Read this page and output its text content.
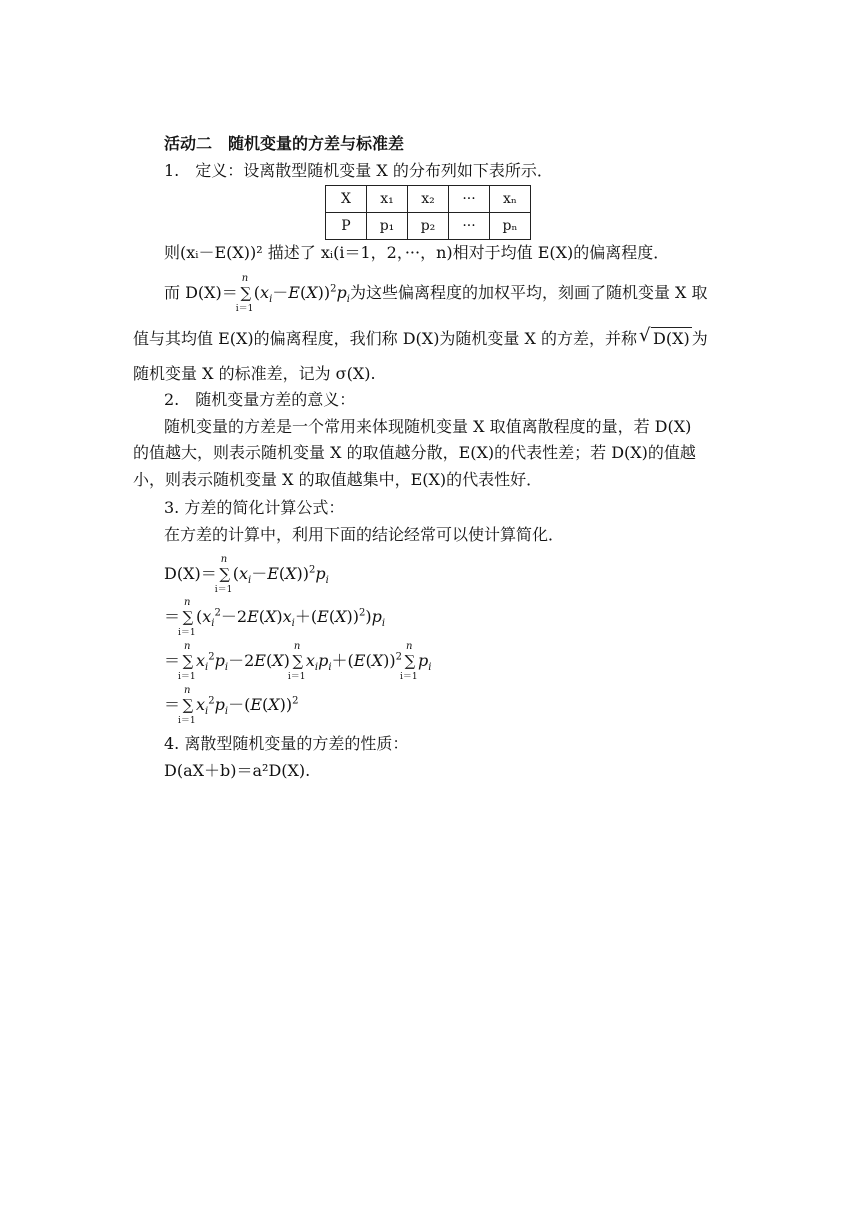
活动二　随机变量的方差与标准差
1.　定义：设离散型随机变量 X 的分布列如下表所示．
X	x₁	x₂	···	xₙ
P	p₁	p₂	···	pₙ
则(xᵢ－E(X))² 描述了 xᵢ(i＝1，2，···，n)相对于均值 E(X)的偏离程度．
而 D(X)＝
n
∑
i＝1
$(x_i-E(X))^2p_i$为这些偏离程度的加权平均，刻画了随机变量 X 取
值与其均值 E(X)的偏离程度，我们称 D(X)为随机变量 X 的方差，并称 √ D(X) 为
随机变量 X 的标准差，记为 σ(X).
2.　随机变量方差的意义：
随机变量的方差是一个常用来体现随机变量 X 取值离散程度的量，若 D(X)
的值越大，则表示随机变量 X 的取值越分散，E(X)的代表性差；若 D(X)的值越
小，则表示随机变量 X 的取值越集中，E(X)的代表性好．
3. 方差的简化计算公式：
在方差的计算中，利用下面的结论经常可以使计算简化．
D(X)＝
n
∑
i＝1
$(x_i-E(X))^2p_i$
＝
n
∑
i＝1
$(x_i^2-2E(X)x_i+(E(X))^2)p_i$
＝
n
∑
i＝1
$x_i^2p_i-2E(X)$
n
∑
i＝1
$x_ip_i+(E(X))^2$
n
∑
i＝1
$p_i$
＝
n
∑
i＝1
$x_i^2p_i-(E(X))^2$
4. 离散型随机变量的方差的性质：
D(aX＋b)＝a²D(X).
